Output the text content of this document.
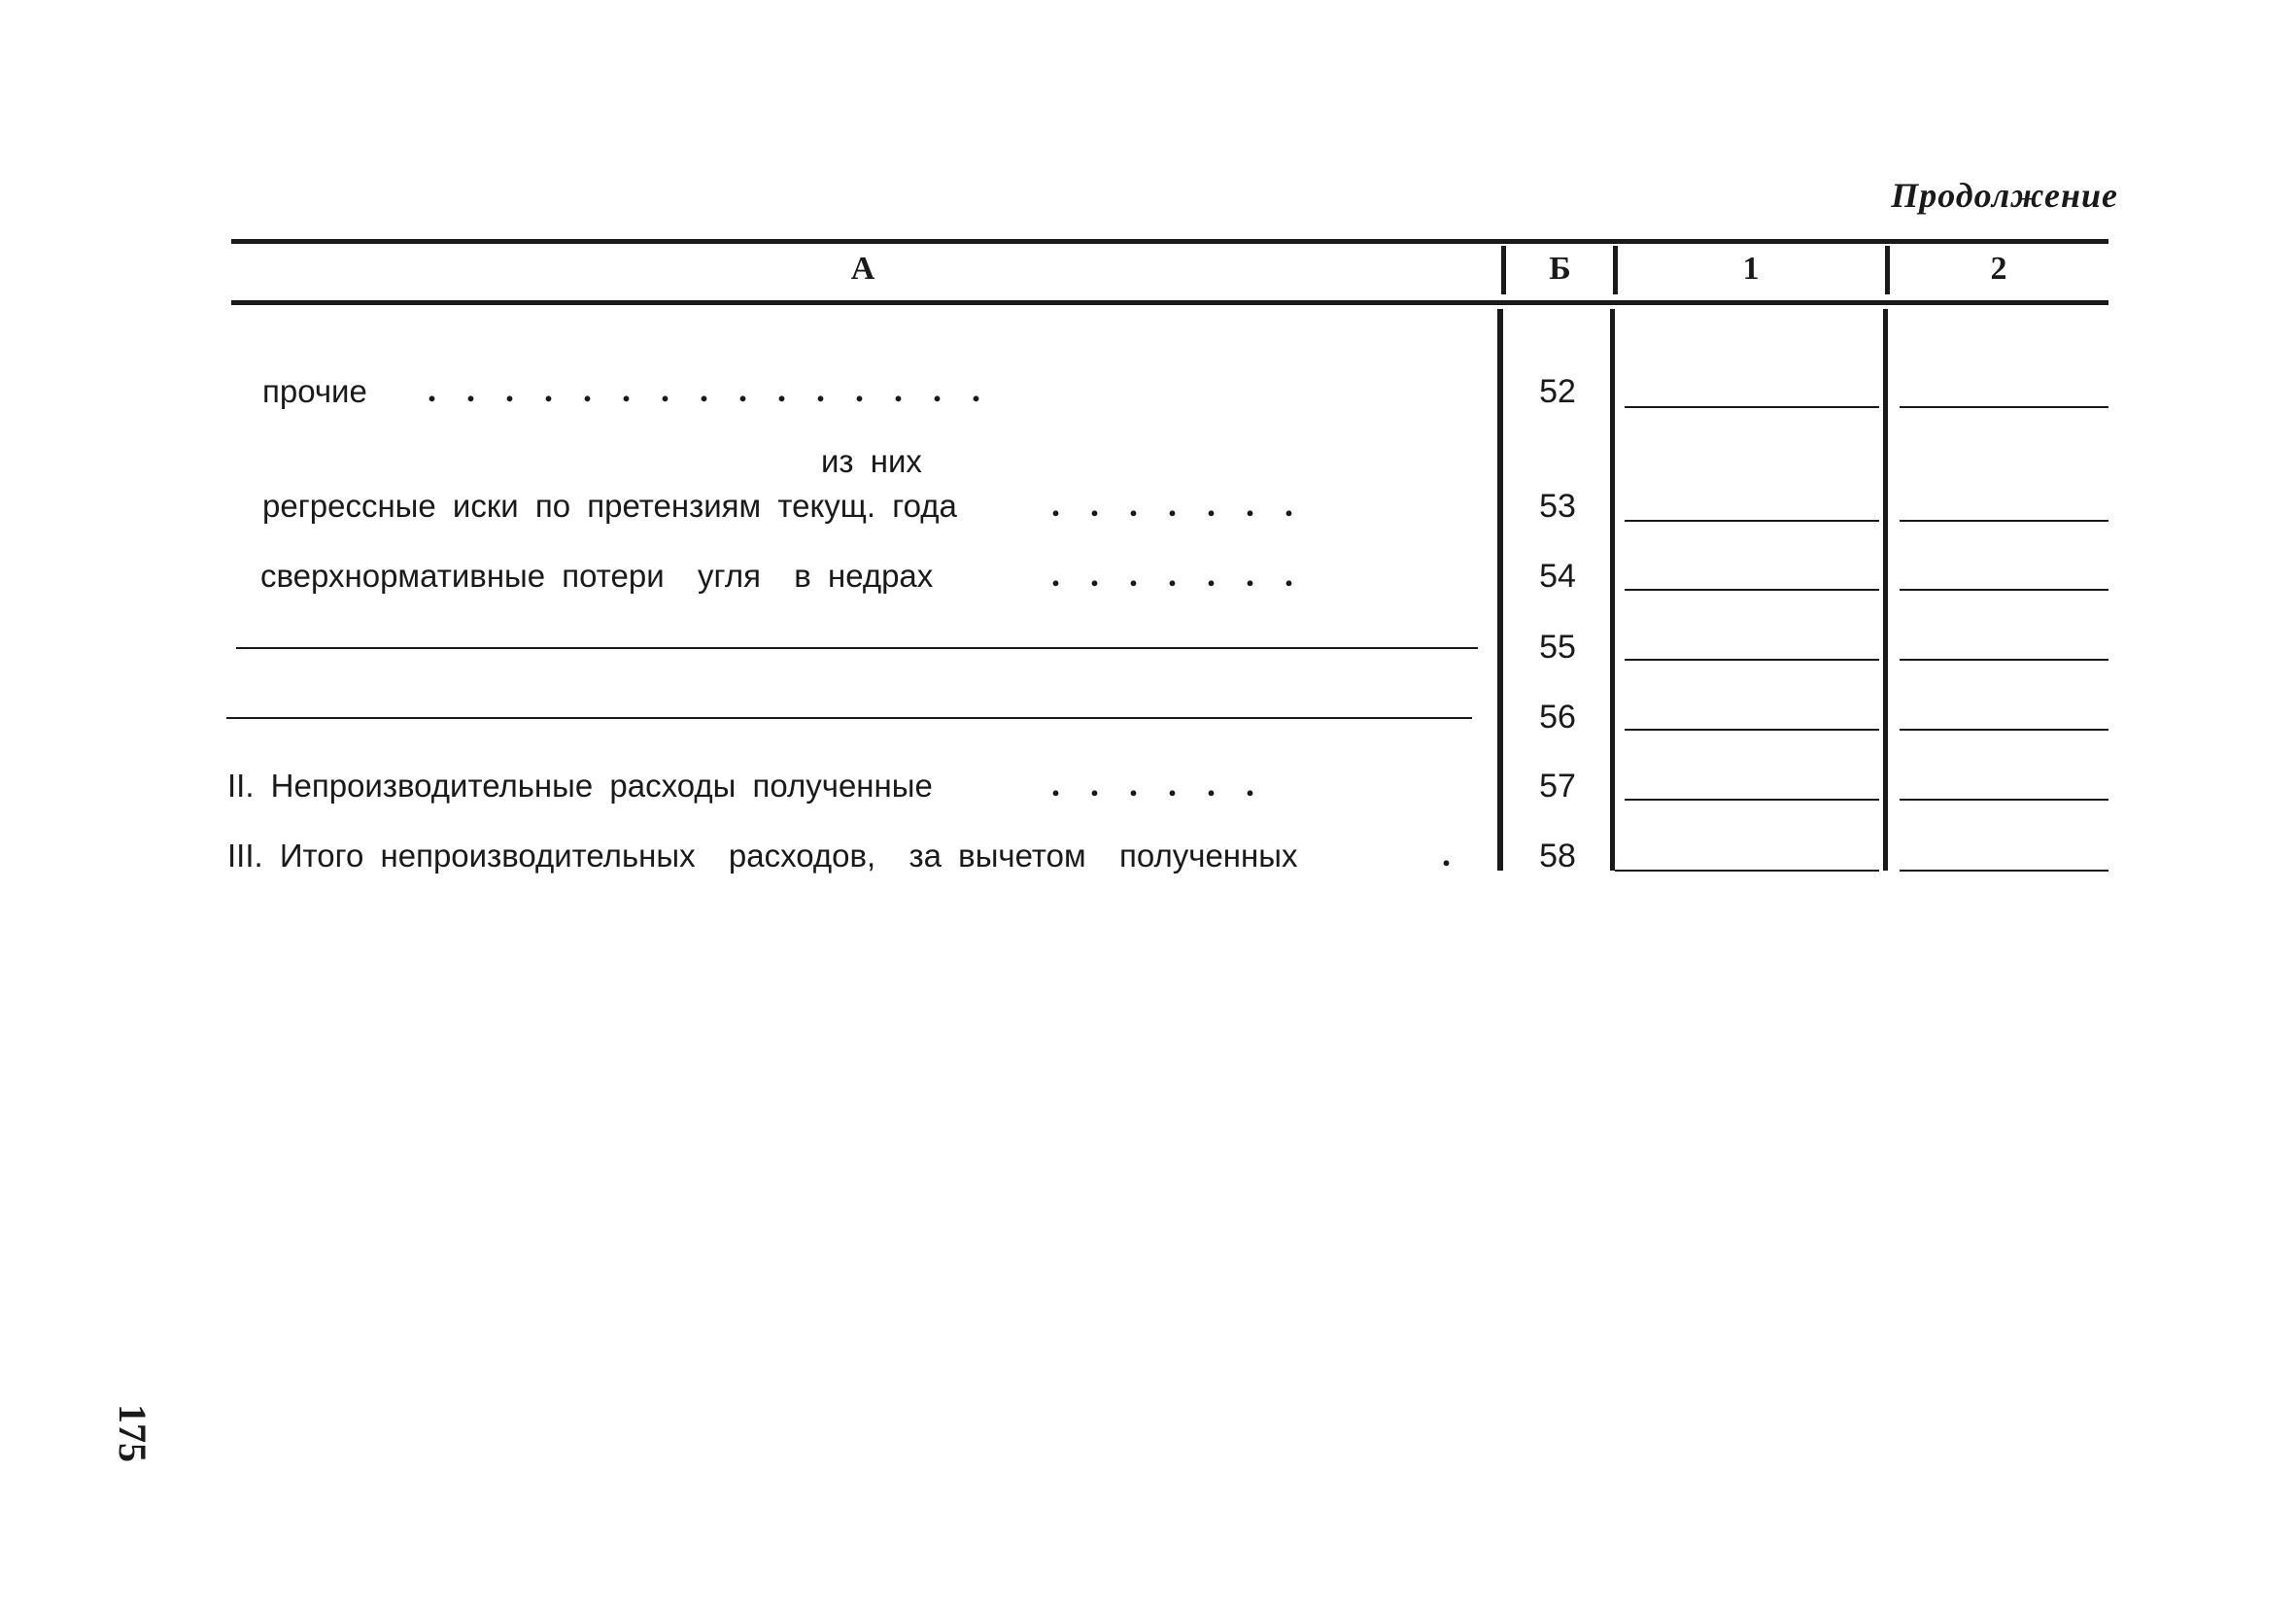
Продолжение
А	Б	1	2
прочие . . . . . . . . . . . . . . .	52
из них
регрессные иски по претензиям текущ. года	. . . . . . .	53
сверхнормативные потери  угля  в недрах	. . . . . . .	54
55
56
II. Непроизводительные расходы полученные	. . . . . .	57
III. Итого непроизводительных  расходов,  за вычетом  полученных	.	58
175
